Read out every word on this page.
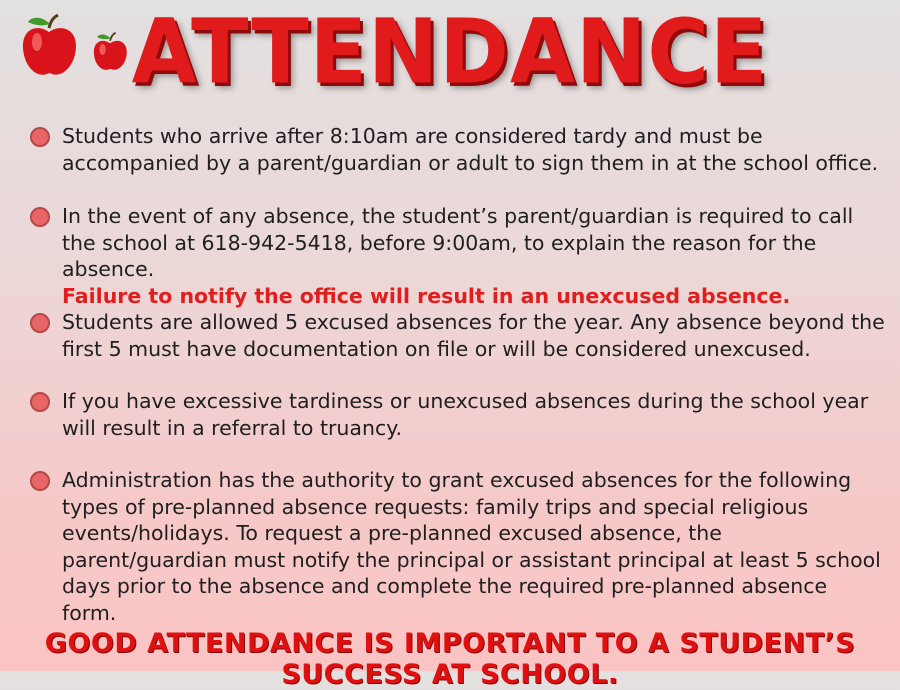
ATTENDANCE
Students who arrive after 8:10am are considered tardy and must be accompanied by a parent/guardian or adult to sign them in at the school office.
In the event of any absence, the student’s parent/guardian is required to call the school at 618-942-5418, before 9:00am, to explain the reason for the absence.
Failure to notify the office will result in an unexcused absence.
Students are allowed 5 excused absences for the year. Any absence beyond the first 5 must have documentation on file or will be considered unexcused.
If you have excessive tardiness or unexcused absences during the school year will result in a referral to truancy.
Administration has the authority to grant excused absences for the following types of pre-planned absence requests: family trips and special religious events/holidays. To request a pre-planned excused absence, the parent/guardian must notify the principal or assistant principal at least 5 school days prior to the absence and complete the required pre-planned absence form.
GOOD ATTENDANCE IS IMPORTANT TO A STUDENT’S SUCCESS AT SCHOOL.
